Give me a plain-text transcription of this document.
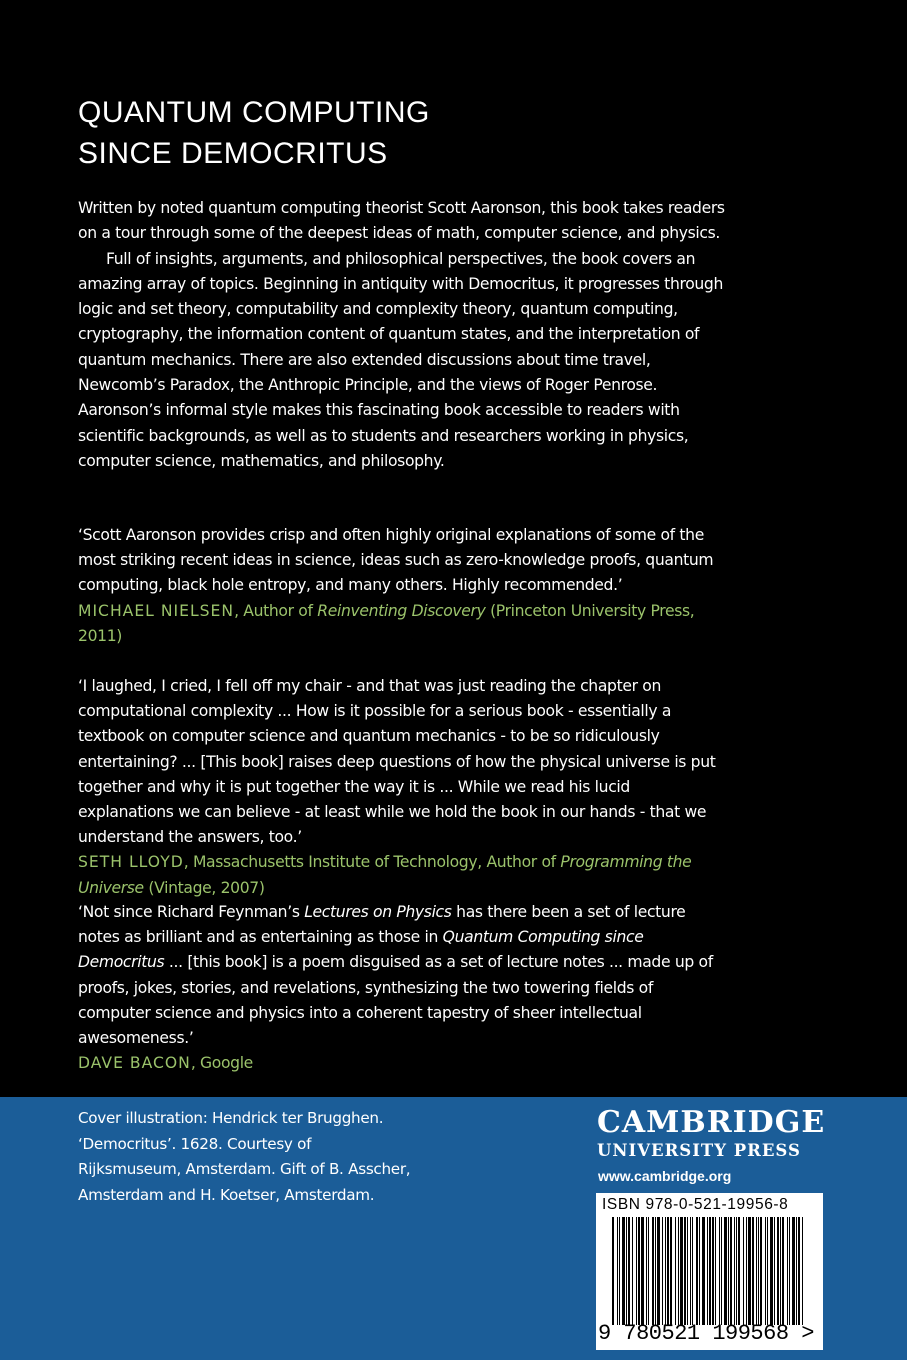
QUANTUM COMPUTING
SINCE DEMOCRITUS

Written by noted quantum computing theorist Scott Aaronson, this book takes readers on a tour through some of the deepest ideas of math, computer science, and physics.

Full of insights, arguments, and philosophical perspectives, the book covers an amazing array of topics. Beginning in antiquity with Democritus, it progresses through logic and set theory, computability and complexity theory, quantum computing, cryptography, the information content of quantum states, and the interpretation of quantum mechanics. There are also extended discussions about time travel, Newcomb’s Paradox, the Anthropic Principle, and the views of Roger Penrose. Aaronson’s informal style makes this fascinating book accessible to readers with scientific backgrounds, as well as to students and researchers working in physics, computer science, mathematics, and philosophy.

‘Scott Aaronson provides crisp and often highly original explanations of some of the most striking recent ideas in science, ideas such as zero-knowledge proofs, quantum computing, black hole entropy, and many others. Highly recommended.’

MICHAEL NIELSEN, Author of Reinventing Discovery (Princeton University Press, 2011)

‘I laughed, I cried, I fell off my chair - and that was just reading the chapter on computational complexity ... How is it possible for a serious book - essentially a textbook on computer science and quantum mechanics - to be so ridiculously entertaining? ... [This book] raises deep questions of how the physical universe is put together and why it is put together the way it is ... While we read his lucid explanations we can believe - at least while we hold the book in our hands - that we understand the answers, too.’

SETH LLOYD, Massachusetts Institute of Technology, Author of Programming the Universe (Vintage, 2007)

‘Not since Richard Feynman’s Lectures on Physics has there been a set of lecture notes as brilliant and as entertaining as those in Quantum Computing since Democritus ... [this book] is a poem disguised as a set of lecture notes ... made up of proofs, jokes, stories, and revelations, synthesizing the two towering fields of computer science and physics into a coherent tapestry of sheer intellectual awesomeness.’

DAVE BACON, Google

Cover illustration: Hendrick ter Brugghen. ‘Democritus’. 1628. Courtesy of Rijksmuseum, Amsterdam. Gift of B. Asscher, Amsterdam and H. Koetser, Amsterdam.
CAMBRIDGE
UNIVERSITY PRESS
www.cambridge.org
ISBN 978-0-521-19956-8
9 780521 199568 >
